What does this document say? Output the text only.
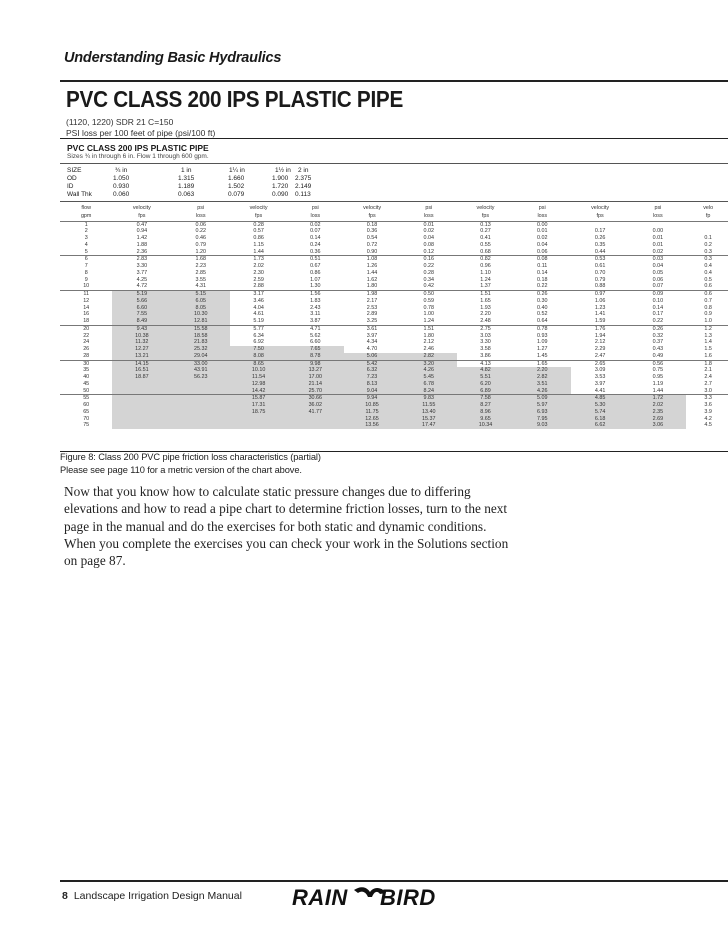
Understanding Basic Hydraulics
PVC CLASS 200 IPS PLASTIC PIPE
(1120, 1220) SDR 21 C=150
PSI loss per 100 feet of pipe (psi/100 ft)
PVC CLASS 200 IPS PLASTIC PIPE
Sizes ¾ in through 6 in. Flow 1 through 600 gpm.
SIZE	¾ in	1 in	1¼ in	1½ in 2 in
OD	1.050	1.315	1.660	1.900 2.375
ID	0.930	1.189	1.502	1.720 2.149
Wall Thk	0.060	0.063	0.079	0.090 0.113
flow	velocity	psi	velocity	psi	velocity	psi	velocity	psi	velocity	psi	velo
gpm	fps	loss	fps	loss	fps	loss	fps	loss	fps	loss	fp
1	0.47	0.06	0.28	0.02	0.18	0.01	0.13	0.00			
2	0.94	0.22	0.57	0.07	0.36	0.02	0.27	0.01	0.17	0.00	
3	1.42	0.46	0.86	0.14	0.54	0.04	0.41	0.02	0.26	0.01	0.1
4	1.88	0.79	1.15	0.24	0.72	0.08	0.55	0.04	0.35	0.01	0.2
5	2.36	1.20	1.44	0.36	0.90	0.12	0.68	0.06	0.44	0.02	0.3
6	2.83	1.68	1.73	0.51	1.08	0.16	0.82	0.08	0.53	0.03	0.3
7	3.30	2.23	2.02	0.67	1.26	0.22	0.96	0.11	0.61	0.04	0.4
8	3.77	2.85	2.30	0.86	1.44	0.28	1.10	0.14	0.70	0.05	0.4
9	4.25	3.55	2.59	1.07	1.62	0.34	1.24	0.18	0.79	0.06	0.5
10	4.72	4.31	2.88	1.30	1.80	0.42	1.37	0.22	0.88	0.07	0.6
11	5.19	5.15	3.17	1.56	1.98	0.50	1.51	0.26	0.97	0.09	0.6
12	5.66	6.05	3.46	1.83	2.17	0.59	1.65	0.30	1.06	0.10	0.7
14	6.60	8.05	4.04	2.43	2.53	0.78	1.93	0.40	1.23	0.14	0.8
16	7.55	10.30	4.61	3.11	2.89	1.00	2.20	0.52	1.41	0.17	0.9
18	8.49	12.81	5.19	3.87	3.25	1.24	2.48	0.64	1.59	0.22	1.0
20	9.43	15.58	5.77	4.71	3.61	1.51	2.75	0.78	1.76	0.26	1.2
22	10.38	18.58	6.34	5.62	3.97	1.80	3.03	0.93	1.94	0.32	1.3
24	11.32	21.83	6.92	6.60	4.34	2.12	3.30	1.09	2.12	0.37	1.4
26	12.27	25.32	7.50	7.65	4.70	2.46	3.58	1.27	2.29	0.43	1.5
28	13.21	29.04	8.08	8.78	5.06	2.82	3.86	1.45	2.47	0.49	1.6
30	14.15	33.00	8.65	9.98	5.42	3.20	4.13	1.65	2.65	0.56	1.8
35	16.51	43.91	10.10	13.27	6.32	4.26	4.82	2.20	3.09	0.75	2.1
40	18.87	56.23	11.54	17.00	7.23	5.45	5.51	2.82	3.53	0.95	2.4
45			12.98	21.14	8.13	6.78	6.20	3.51	3.97	1.19	2.7
50			14.42	25.70	9.04	8.24	6.89	4.26	4.41	1.44	3.0
55			15.87	30.66	9.94	9.83	7.58	5.09	4.85	1.72	3.3
60			17.31	36.02	10.85	11.55	8.27	5.97	5.30	2.02	3.6
65			18.75	41.77	11.75	13.40	8.96	6.93	5.74	2.35	3.9
70					12.65	15.37	9.65	7.95	6.18	2.69	4.2
75					13.56	17.47	10.34	9.03	6.62	3.06	4.5
Figure 8: Class 200 PVC pipe friction loss characteristics (partial)
Please see page 110 for a metric version of the chart above.

Now that you know how to calculate static pressure changes due to differing elevations and how to read a pipe chart to determine friction losses, turn to the next page in the manual and do the exercises for both static and dynamic conditions. When you complete the exercises you can check your work in the Solutions section on page 87.

8 Landscape Irrigation Design Manual RAIN BIRD
